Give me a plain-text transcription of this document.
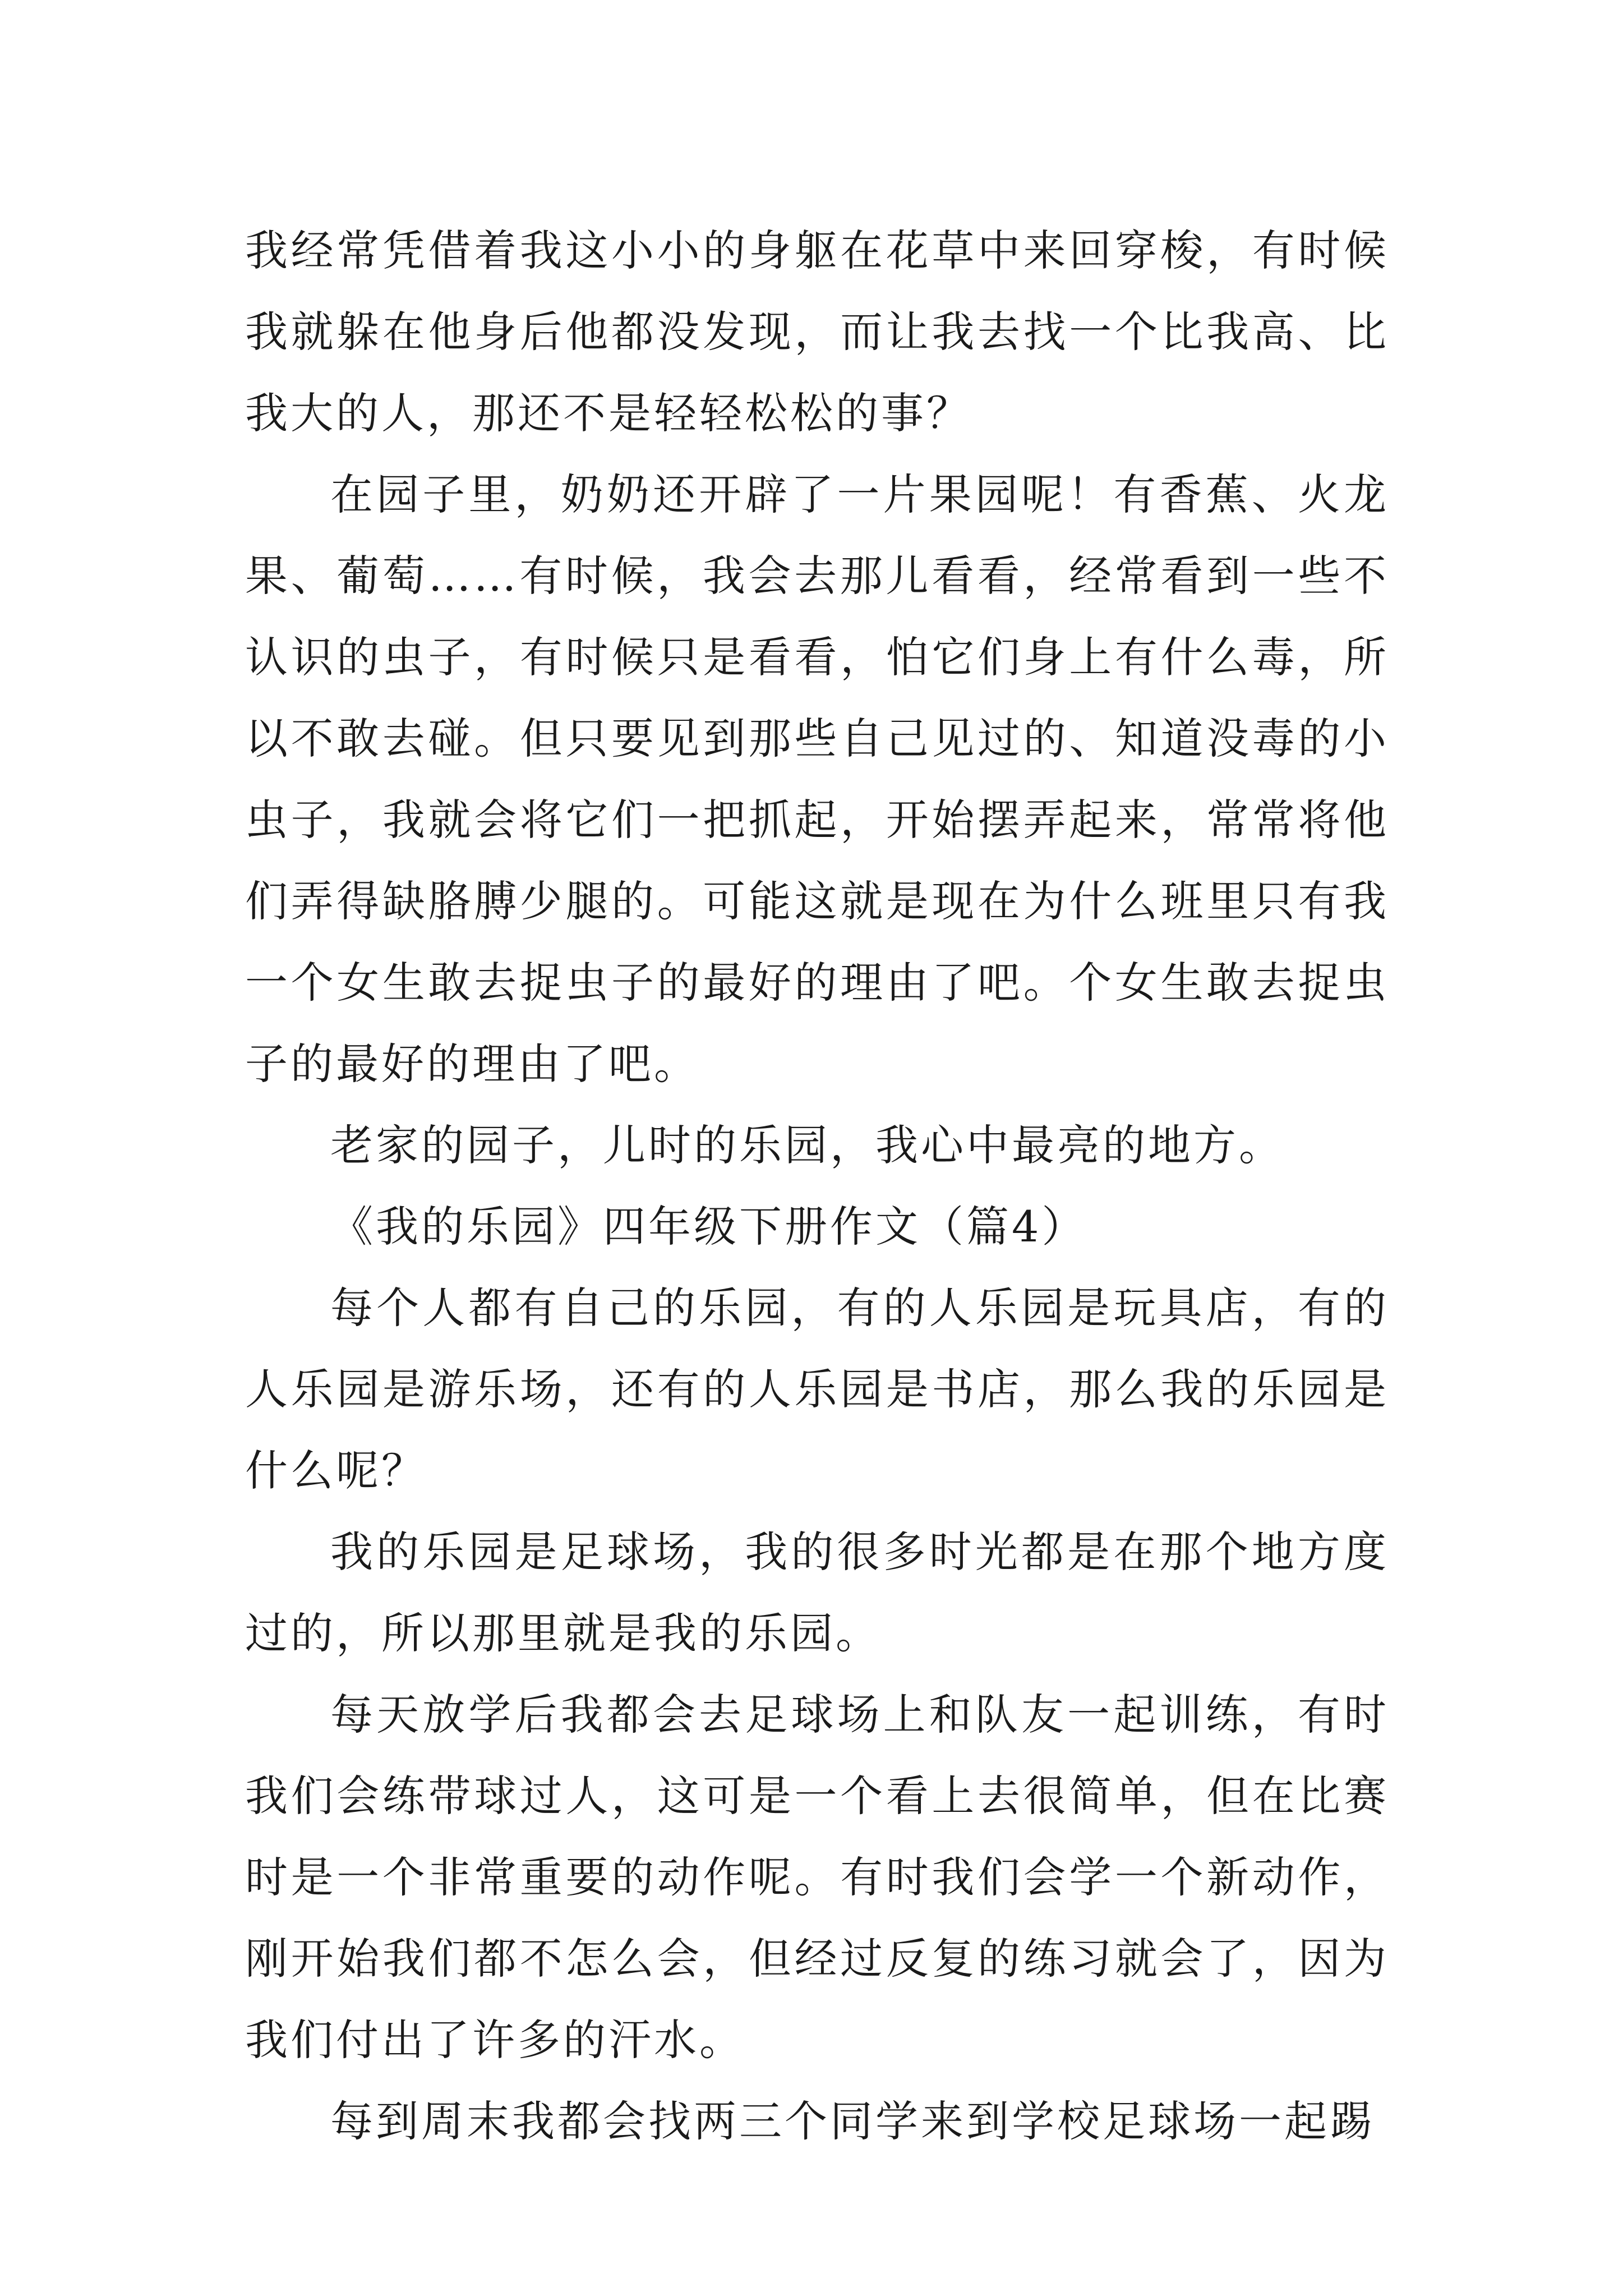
我经常凭借着我这小小的身躯在花草中来回穿梭，有时候我就躲在他身后他都没发现，而让我去找一个比我高、比我大的人，那还不是轻轻松松的事？

在园子里，奶奶还开辟了一片果园呢！有香蕉、火龙果、葡萄……有时候，我会去那儿看看，经常看到一些不认识的虫子，有时候只是看看，怕它们身上有什么毒，所以不敢去碰。但只要见到那些自己见过的、知道没毒的小虫子，我就会将它们一把抓起，开始摆弄起来，常常将他们弄得缺胳膊少腿的。可能这就是现在为什么班里只有我一个女生敢去捉虫子的最好的理由了吧。个女生敢去捉虫子的最好的理由了吧。

老家的园子，儿时的乐园，我心中最亮的地方。

《我的乐园》四年级下册作文（篇4）

每个人都有自己的乐园，有的人乐园是玩具店，有的人乐园是游乐场，还有的人乐园是书店，那么我的乐园是什么呢？

我的乐园是足球场，我的很多时光都是在那个地方度过的，所以那里就是我的乐园。

每天放学后我都会去足球场上和队友一起训练，有时我们会练带球过人，这可是一个看上去很简单，但在比赛时是一个非常重要的动作呢。有时我们会学一个新动作，刚开始我们都不怎么会，但经过反复的练习就会了，因为我们付出了许多的汗水。

每到周末我都会找两三个同学来到学校足球场一起踢
